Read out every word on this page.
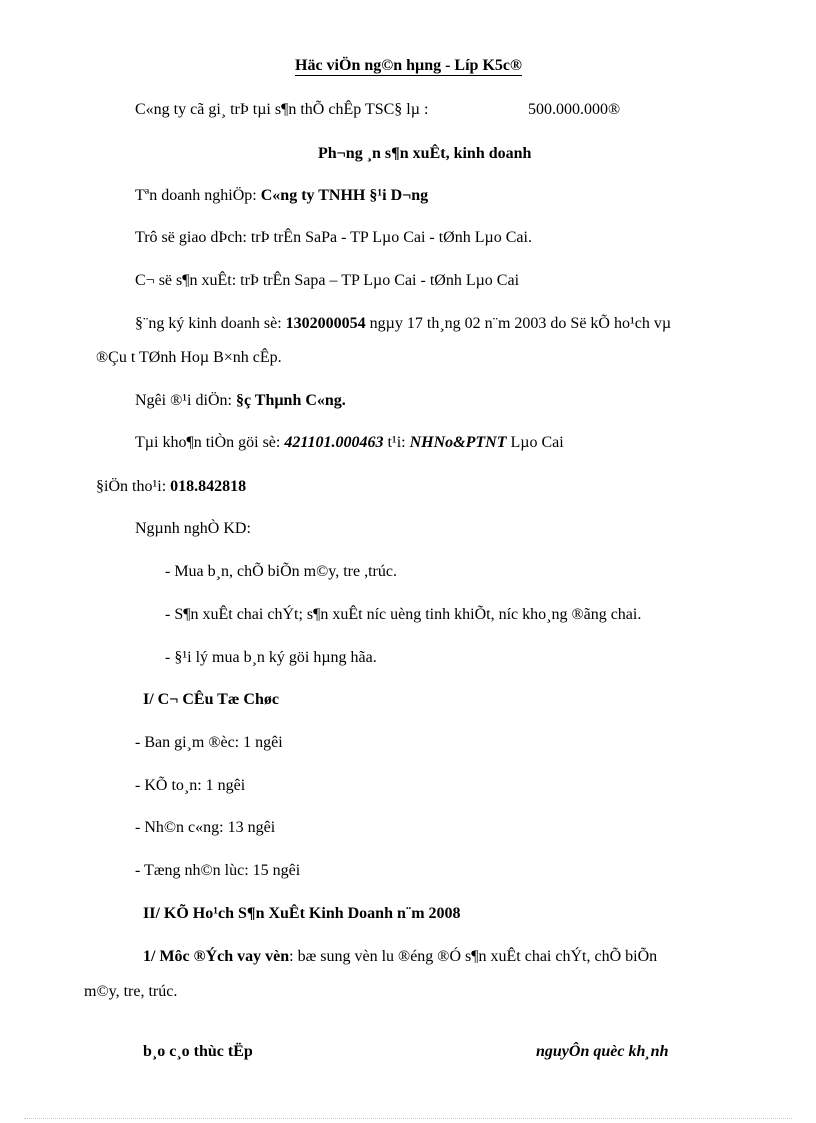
Häc viÖn ng©n hµng - Líp K5c®
C«ng ty cã gi¸ trÞ tµi s¶n thÕ chÊp TSC§ lµ :	500.000.000®
Ph¬ng ¸n s¶n xuÊt, kinh doanh
Tªn doanh nghiÖp: C«ng ty TNHH §¹i D¬ng
Trô së giao dÞch: trÞ trÊn SaPa - TP Lµo Cai - tØnh Lµo Cai.
C¬ së s¶n xuÊt: trÞ trÊn Sapa – TP Lµo Cai - tØnh Lµo Cai
§¨ng ký kinh doanh sè: 1302000054 ngµy 17 th¸ng 02 n¨m 2003 do Së kÕ ho¹ch vµ
®Çu t TØnh Hoµ B×nh cÊp.
Ngêi ®¹i diÖn: §ç Thµnh C«ng.
Tµi kho¶n tiÒn göi sè: 421101.000463 t¹i: NHNo&PTNT Lµo Cai
§iÖn tho¹i: 018.842818
Ngµnh nghÒ KD:
- Mua b¸n, chÕ biÕn m©y, tre ,trúc.
- S¶n xuÊt chai chÝt; s¶n xuÊt níc uèng tinh khiÕt, níc kho¸ng ®ãng chai.
- §¹i lý mua b¸n ký göi hµng hãa.
I/ C¬ CÊu Tæ Chøc
- Ban gi¸m ®èc: 1 ngêi
- KÕ to¸n: 1 ngêi
- Nh©n c«ng: 13 ngêi
- Tæng nh©n lùc: 15 ngêi
II/ KÕ Ho¹ch S¶n XuÊt Kinh Doanh n¨m 2008
1/ Môc ®Ých vay vèn: bæ sung vèn lu ®éng ®Ó s¶n xuÊt chai chÝt, chÕ biÕn
m©y, tre, trúc.
b¸o c¸o thùc tËp	nguyÔn quèc kh¸nh
